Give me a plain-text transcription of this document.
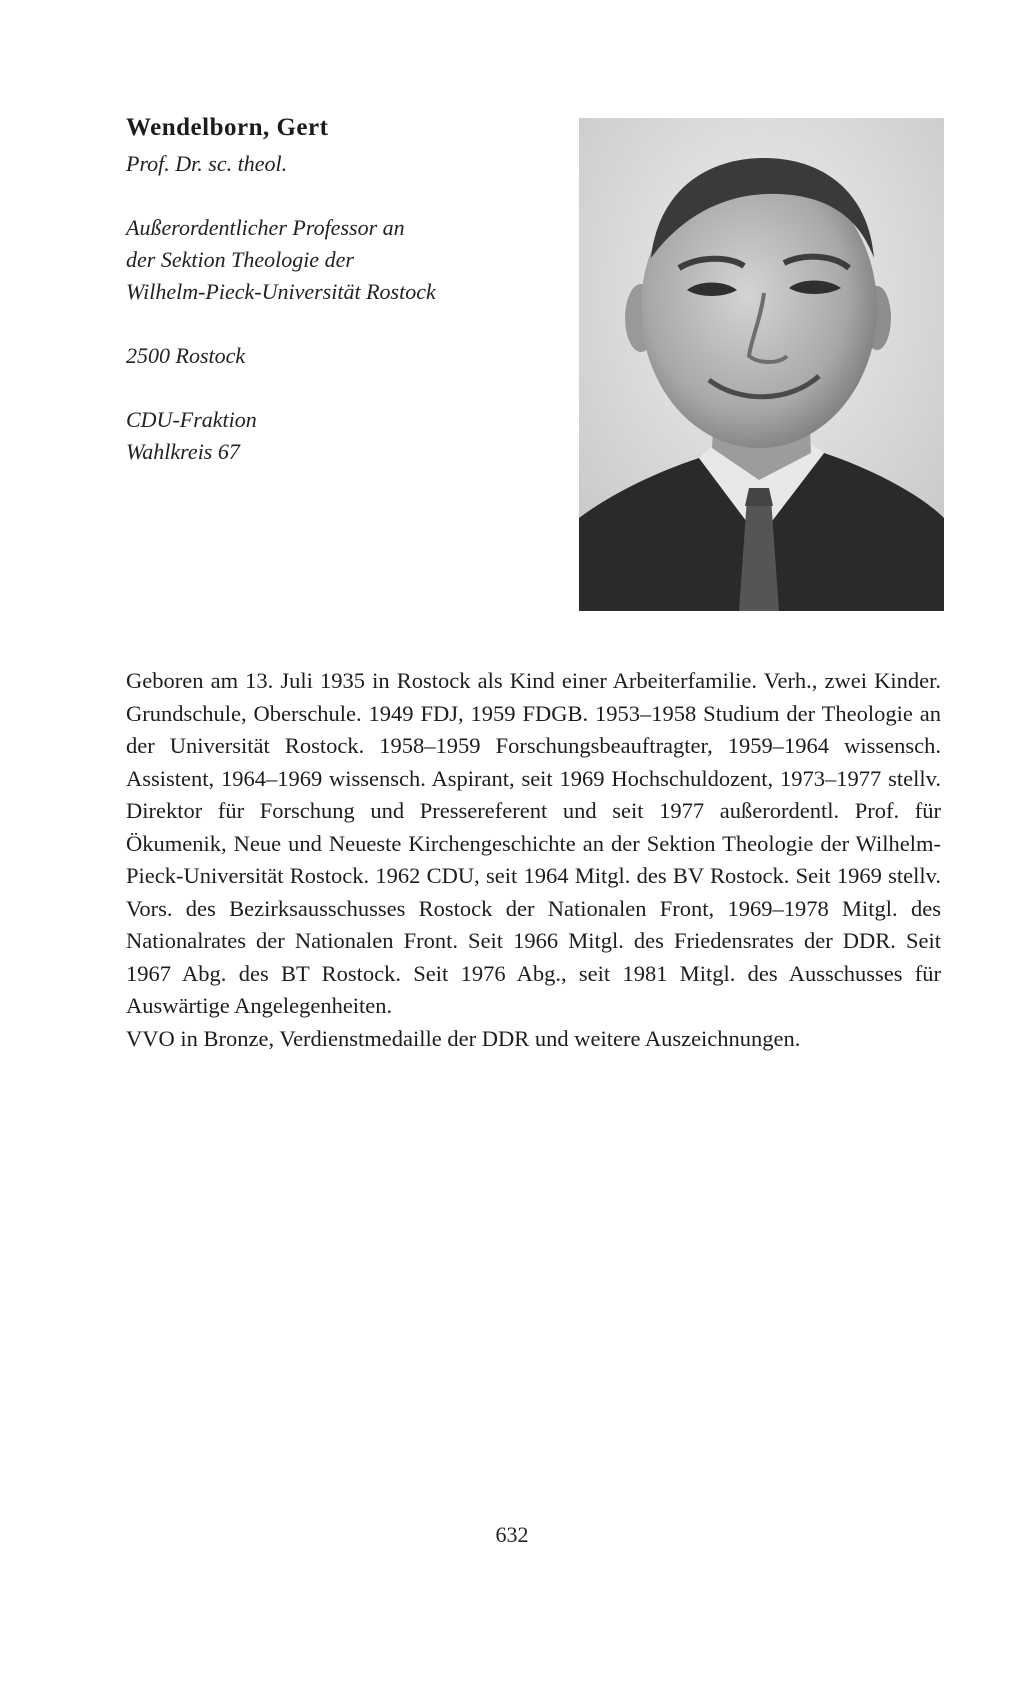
Wendelborn, Gert
Prof. Dr. sc. theol.
Außerordentlicher Professor an
der Sektion Theologie der
Wilhelm-Pieck-Universität Rostock
2500 Rostock
CDU-Fraktion
Wahlkreis 67

Geboren am 13. Juli 1935 in Rostock als Kind einer Arbeiterfamilie. Verh., zwei Kinder. Grundschule, Oberschule. 1949 FDJ, 1959 FDGB. 1953–1958 Studium der Theologie an der Universität Rostock. 1958–1959 Forschungsbeauftragter, 1959–1964 wissensch. Assistent, 1964–1969 wissensch. Aspirant, seit 1969 Hochschuldozent, 1973–1977 stellv. Direktor für Forschung und Pressereferent und seit 1977 außerordentl. Prof. für Ökumenik, Neue und Neueste Kirchengeschichte an der Sektion Theologie der Wilhelm-Pieck-Universität Rostock. 1962 CDU, seit 1964 Mitgl. des BV Rostock. Seit 1969 stellv. Vors. des Bezirksausschusses Rostock der Nationalen Front, 1969–1978 Mitgl. des Nationalrates der Nationalen Front. Seit 1966 Mitgl. des Friedensrates der DDR. Seit 1967 Abg. des BT Rostock. Seit 1976 Abg., seit 1981 Mitgl. des Ausschusses für Auswärtige Angelegenheiten.

VVO in Bronze, Verdienstmedaille der DDR und weitere Auszeichnungen.

632
